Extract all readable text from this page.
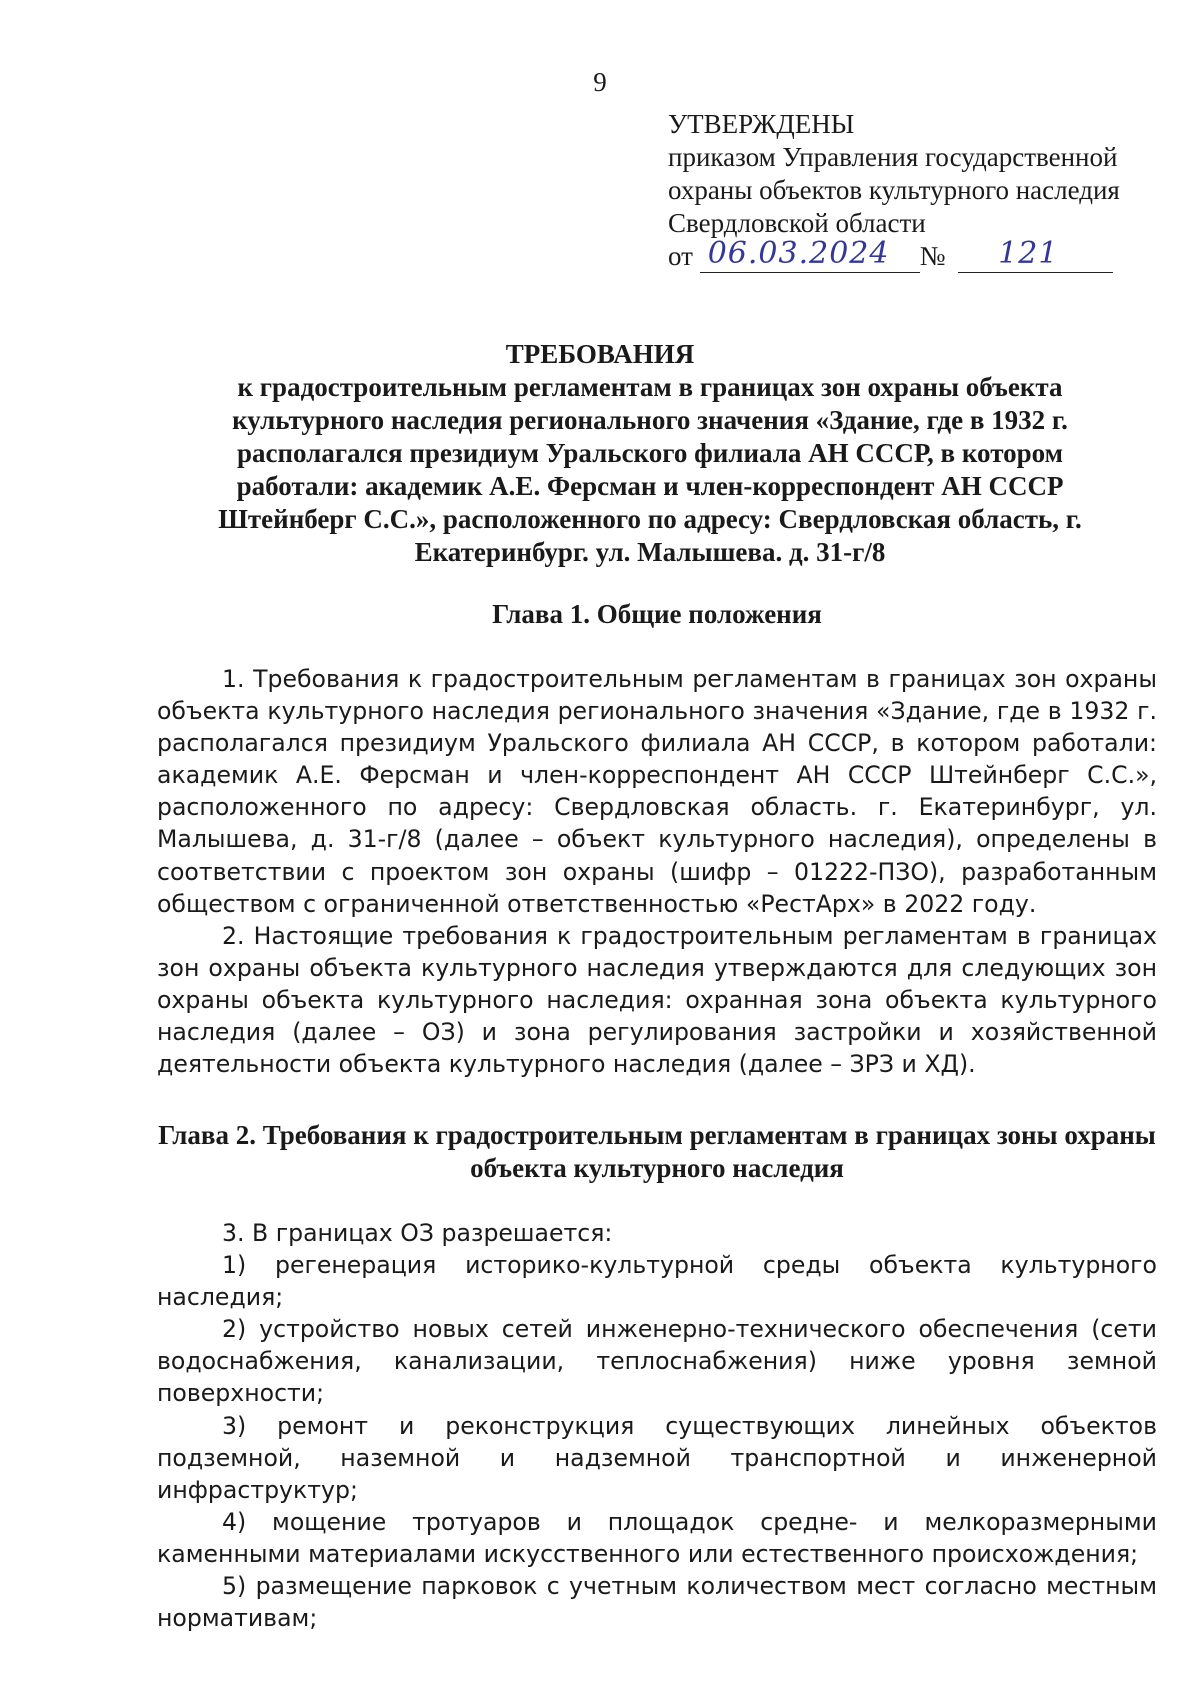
9
УТВЕРЖДЕНЫ
приказом Управления государственной
охраны объектов культурного наследия
Свердловской области
от 06.03.2024 № 121
ТРЕБОВАНИЯ
к градостроительным регламентам в границах зон охраны объекта культурного наследия регионального значения «Здание, где в 1932 г. располагался президиум Уральского филиала АН СССР, в котором работали: академик А.Е. Ферсман и член-корреспондент АН СССР Штейнберг С.С.», расположенного по адресу: Свердловская область, г. Екатеринбург. ул. Малышева. д. 31-г/8
Глава 1. Общие положения

1. Требования к градостроительным регламентам в границах зон охраны объекта культурного наследия регионального значения «Здание, где в 1932 г. располагался президиум Уральского филиала АН СССР, в котором работали: академик А.Е. Ферсман и член-корреспондент АН СССР Штейнберг С.С.», расположенного по адресу: Свердловская область. г. Екатеринбург, ул. Малышева, д. 31-г/8 (далее – объект культурного наследия), определены в соответствии с проектом зон охраны (шифр – 01222-ПЗО), разработанным обществом с ограниченной ответственностью «РестАрх» в 2022 году.

2. Настоящие требования к градостроительным регламентам в границах зон охраны объекта культурного наследия утверждаются для следующих зон охраны объекта культурного наследия: охранная зона объекта культурного наследия (далее – ОЗ) и зона регулирования застройки и хозяйственной деятельности объекта культурного наследия (далее – ЗРЗ и ХД).

Глава 2. Требования к градостроительным регламентам в границах зоны охраны объекта культурного наследия

3. В границах ОЗ разрешается:

1) регенерация историко-культурной среды объекта культурного наследия;

2) устройство новых сетей инженерно-технического обеспечения (сети водоснабжения, канализации, теплоснабжения) ниже уровня земной поверхности;

3) ремонт и реконструкция существующих линейных объектов подземной, наземной и надземной транспортной и инженерной инфраструктур;

4) мощение тротуаров и площадок средне- и мелкоразмерными каменными материалами искусственного или естественного происхождения;

5) размещение парковок с учетным количеством мест согласно местным нормативам;
